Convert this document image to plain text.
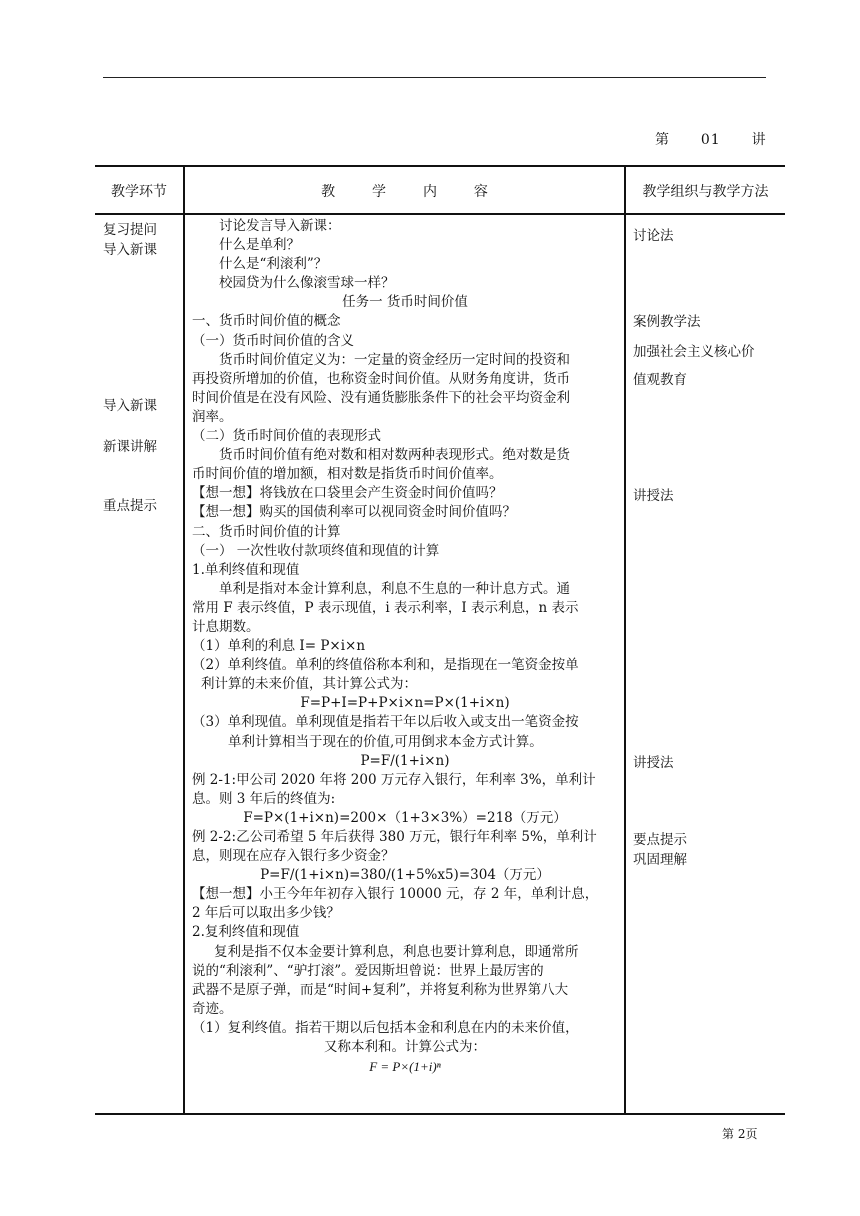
第  01  讲
教学环节	教  学  内  容	教学组织与教学方法
复习提问
导入新课
导入新课
新课讲解
重点提示
讨论法
案例教学法
加强社会主义核心价
值观教育
讲授法
讲授法
要点提示
巩固理解

讨论发言导入新课：

什么是单利？

什么是“利滚利”？

校园贷为什么像滚雪球一样？

任务一 货币时间价值

一、货币时间价值的概念

（一）货币时间价值的含义

货币时间价值定义为：一定量的资金经历一定时间的投资和

再投资所增加的价值，也称资金时间价值。从财务角度讲，货币

时间价值是在没有风险、没有通货膨胀条件下的社会平均资金利

润率。

（二）货币时间价值的表现形式

货币时间价值有绝对数和相对数两种表现形式。绝对数是货

币时间价值的增加额，相对数是指货币时间价值率。

【想一想】将钱放在口袋里会产生资金时间价值吗？

【想一想】购买的国债利率可以视同资金时间价值吗？

二、货币时间价值的计算

（一） 一次性收付款项终值和现值的计算

1.单利终值和现值

单利是指对本金计算利息，利息不生息的一种计息方式。通

常用 F 表示终值，P 表示现值，i 表示利率，I 表示利息，n 表示

计息期数。

（1）单利的利息 I= P×i×n

（2）单利终值。单利的终值俗称本利和，是指现在一笔资金按单

利计算的未来价值，其计算公式为：

F=P+I=P+P×i×n=P×(1+i×n)

（3）单利现值。单利现值是指若干年以后收入或支出一笔资金按

单利计算相当于现在的价值,可用倒求本金方式计算。

P=F/(1+i×n)

例 2-1:甲公司 2020 年将 200 万元存入银行，年利率 3%，单利计

息。则 3 年后的终值为:

F=P×(1+i×n)=200×（1+3×3%）=218（万元）

例 2-2:乙公司希望 5 年后获得 380 万元，银行年利率 5%，单利计

息，则现在应存入银行多少资金？

P=F/(1+i×n)=380/(1+5%x5)=304（万元）

【想一想】小王今年年初存入银行 10000 元，存 2 年，单利计息，

2 年后可以取出多少钱？

2.复利终值和现值

复利是指不仅本金要计算利息，利息也要计算利息，即通常所

说的“利滚利”、“驴打滚”。爱因斯坦曾说：世界上最厉害的

武器不是原子弹，而是“时间+复利”，并将复利称为世界第八大

奇迹。

（1）复利终值。指若干期以后包括本金和利息在内的未来价值，

又称本利和。计算公式为：

F = P×(1+i)ⁿ

第 2页
